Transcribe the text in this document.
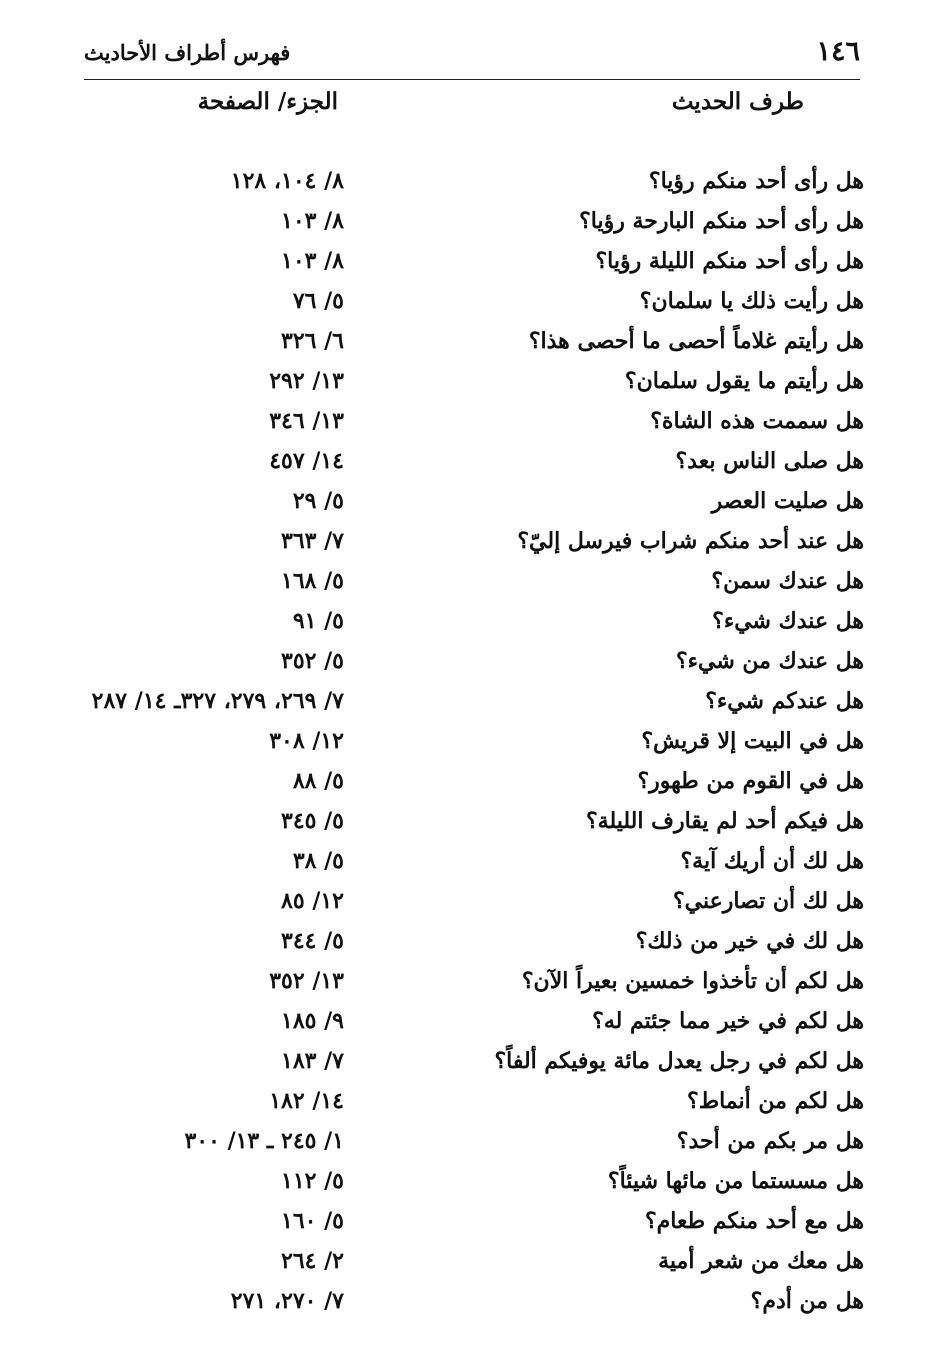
١٤٦
فهرس أطراف الأحاديث
طرف الحديث
الجزء/ الصفحة
هل رأى أحد منكم رؤيا؟
٨/ ١٠٤، ١٢٨
هل رأى أحد منكم البارحة رؤيا؟
٨/ ١٠٣
هل رأى أحد منكم الليلة رؤيا؟
٨/ ١٠٣
هل رأيت ذلك يا سلمان؟
٥/ ٧٦
هل رأيتم غلاماً أحصى ما أحصى هذا؟
٦/ ٣٢٦
هل رأيتم ما يقول سلمان؟
١٣/ ٢٩٢
هل سممت هذه الشاة؟
١٣/ ٣٤٦
هل صلى الناس بعد؟
١٤/ ٤٥٧
هل صليت العصر
٥/ ٢٩
هل عند أحد منكم شراب فيرسل إليّ؟
٧/ ٣٦٣
هل عندك سمن؟
٥/ ١٦٨
هل عندك شيء؟
٥/ ٩١
هل عندك من شيء؟
٥/ ٣٥٢
هل عندكم شيء؟
٧/ ٢٦٩، ٢٧٩، ٣٢٧ـ ١٤/ ٢٨٧
هل في البيت إلا قريش؟
١٢/ ٣٠٨
هل في القوم من طهور؟
٥/ ٨٨
هل فيكم أحد لم يقارف الليلة؟
٥/ ٣٤٥
هل لك أن أريك آية؟
٥/ ٣٨
هل لك أن تصارعني؟
١٢/ ٨٥
هل لك في خير من ذلك؟
٥/ ٣٤٤
هل لكم أن تأخذوا خمسين بعيراً الآن؟
١٣/ ٣٥٢
هل لكم في خير مما جئتم له؟
٩/ ١٨٥
هل لكم في رجل يعدل مائة يوفيكم ألفاً؟
٧/ ١٨٣
هل لكم من أنماط؟
١٤/ ١٨٢
هل مر بكم من أحد؟
١/ ٢٤٥ ـ ١٣/ ٣٠٠
هل مسستما من مائها شيئاً؟
٥/ ١١٢
هل مع أحد منكم طعام؟
٥/ ١٦٠
هل معك من شعر أمية
٢/ ٢٦٤
هل من أدم؟
٧/ ٢٧٠، ٢٧١
